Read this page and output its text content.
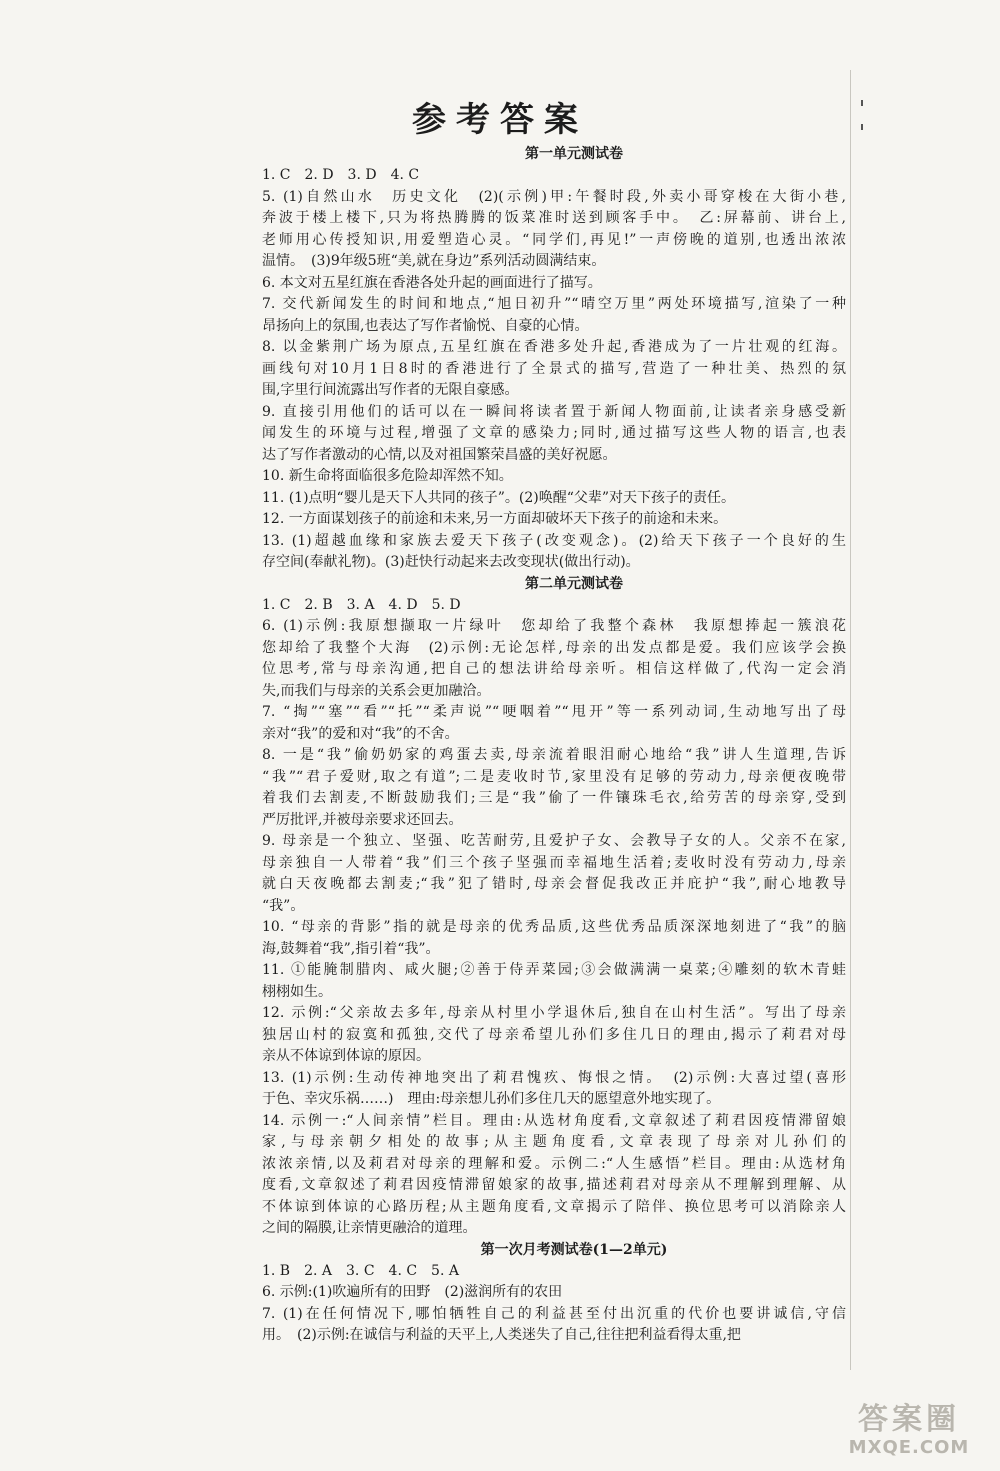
参考答案
第一单元测试卷
1. C　2. D　3. D　4. C
5. (1)自然山水　历史文化　(2)(示例)甲:午餐时段,外卖小哥穿梭在大街小巷,
奔波于楼上楼下,只为将热腾腾的饭菜准时送到顾客手中。　乙:屏幕前、讲台上,
老师用心传授知识,用爱塑造心灵。“同学们,再见!”一声傍晚的道别,也透出浓浓
温情。　(3)9年级5班“美,就在身边”系列活动圆满结束。
6. 本文对五星红旗在香港各处升起的画面进行了描写。
7. 交代新闻发生的时间和地点,“旭日初升”“晴空万里”两处环境描写,渲染了一种
昂扬向上的氛围,也表达了写作者愉悦、自豪的心情。
8. 以金紫荆广场为原点,五星红旗在香港多处升起,香港成为了一片壮观的红海。
画线句对10月1日8时的香港进行了全景式的描写,营造了一种壮美、热烈的氛
围,字里行间流露出写作者的无限自豪感。
9. 直接引用他们的话可以在一瞬间将读者置于新闻人物面前,让读者亲身感受新
闻发生的环境与过程,增强了文章的感染力;同时,通过描写这些人物的语言,也表
达了写作者激动的心情,以及对祖国繁荣昌盛的美好祝愿。
10. 新生命将面临很多危险却浑然不知。
11. (1)点明“婴儿是天下人共同的孩子”。(2)唤醒“父辈”对天下孩子的责任。
12. 一方面谋划孩子的前途和未来,另一方面却破坏天下孩子的前途和未来。
13. (1)超越血缘和家族去爱天下孩子(改变观念)。(2)给天下孩子一个良好的生
存空间(奉献礼物)。(3)赶快行动起来去改变现状(做出行动)。
第二单元测试卷
1. C　2. B　3. A　4. D　5. D
6. (1)示例:我原想撷取一片绿叶　您却给了我整个森林　我原想捧起一簇浪花
您却给了我整个大海　(2)示例:无论怎样,母亲的出发点都是爱。我们应该学会换
位思考,常与母亲沟通,把自己的想法讲给母亲听。相信这样做了,代沟一定会消
失,而我们与母亲的关系会更加融洽。
7. “掏”“塞”“看”“托”“柔声说”“哽咽着”“甩开”等一系列动词,生动地写出了母
亲对“我”的爱和对“我”的不舍。
8. 一是“我”偷奶奶家的鸡蛋去卖,母亲流着眼泪耐心地给“我”讲人生道理,告诉
“我”“君子爱财,取之有道”;二是麦收时节,家里没有足够的劳动力,母亲便夜晚带
着我们去割麦,不断鼓励我们;三是“我”偷了一件镶珠毛衣,给劳苦的母亲穿,受到
严厉批评,并被母亲要求还回去。
9. 母亲是一个独立、坚强、吃苦耐劳,且爱护子女、会教导子女的人。父亲不在家,
母亲独自一人带着“我”们三个孩子坚强而幸福地生活着;麦收时没有劳动力,母亲
就白天夜晚都去割麦;“我”犯了错时,母亲会督促我改正并庇护“我”,耐心地教导
“我”。
10. “母亲的背影”指的就是母亲的优秀品质,这些优秀品质深深地刻进了“我”的脑
海,鼓舞着“我”,指引着“我”。
11. ①能腌制腊肉、咸火腿;②善于侍弄菜园;③会做满满一桌菜;④雕刻的软木青蛙
栩栩如生。
12. 示例:“父亲故去多年,母亲从村里小学退休后,独自在山村生活”。写出了母亲
独居山村的寂寞和孤独,交代了母亲希望儿孙们多住几日的理由,揭示了莉君对母
亲从不体谅到体谅的原因。
13. (1)示例:生动传神地突出了莉君愧疚、悔恨之情。　(2)示例:大喜过望(喜形
于色、幸灾乐祸……)　理由:母亲想儿孙们多住几天的愿望意外地实现了。
14. 示例一:“人间亲情”栏目。理由:从选材角度看,文章叙述了莉君因疫情滞留娘
家,与母亲朝夕相处的故事;从主题角度看,文章表现了母亲对儿孙们的
浓浓亲情,以及莉君对母亲的理解和爱。示例二:“人生感悟”栏目。理由:从选材角
度看,文章叙述了莉君因疫情滞留娘家的故事,描述莉君对母亲从不理解到理解、从
不体谅到体谅的心路历程;从主题角度看,文章揭示了陪伴、换位思考可以消除亲人
之间的隔膜,让亲情更融洽的道理。
第一次月考测试卷(1—2单元)
1. B　2. A　3. C　4. C　5. A
6. 示例:(1)吹遍所有的田野　(2)滋润所有的农田
7. (1)在任何情况下,哪怕牺牲自己的利益甚至付出沉重的代价也要讲诚信,守信
用。　(2)示例:在诚信与利益的天平上,人类迷失了自己,往往把利益看得太重,把
答案圈
MXQE.COM
